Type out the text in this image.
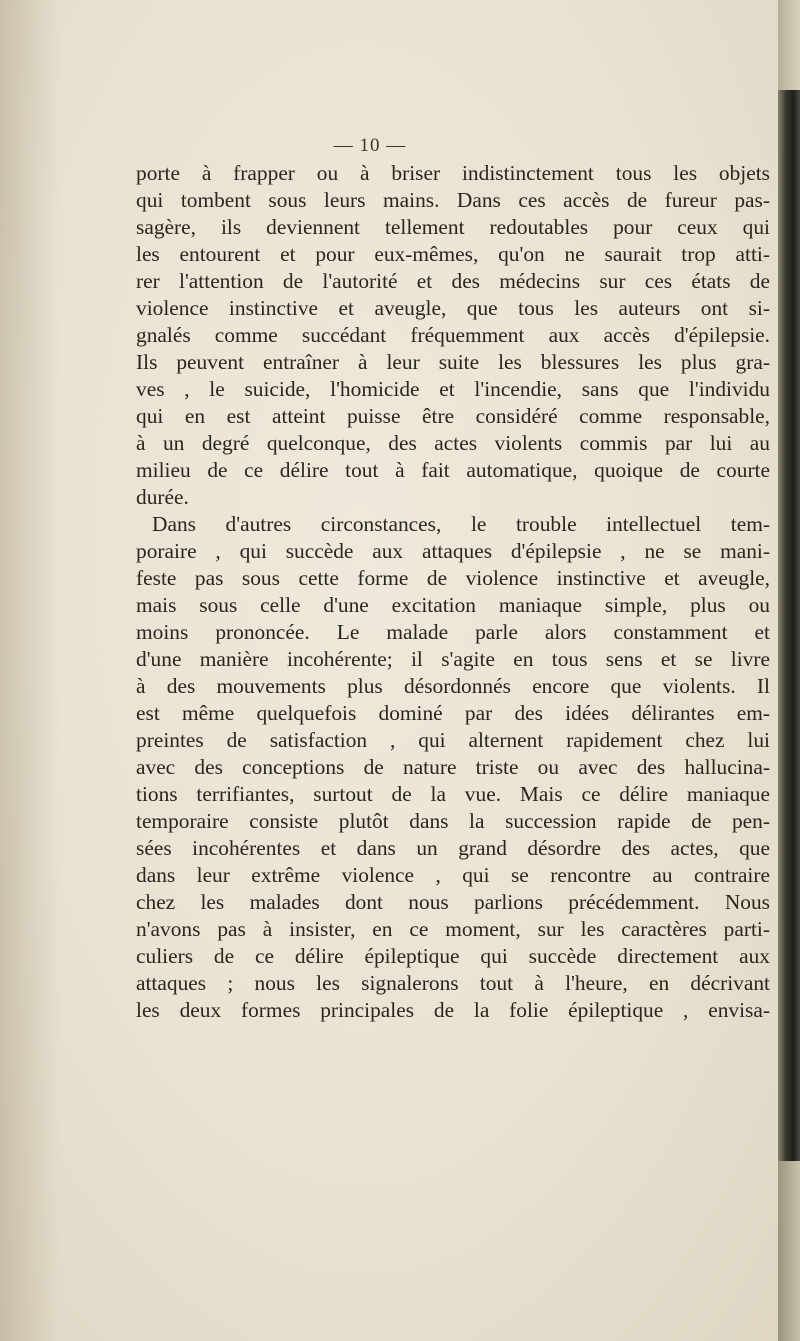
— 10 —
porte à frapper ou à briser indistinctement tous les objets
qui tombent sous leurs mains. Dans ces accès de fureur pas-
sagère, ils deviennent tellement redoutables pour ceux qui
les entourent et pour eux-mêmes, qu'on ne saurait trop atti-
rer l'attention de l'autorité et des médecins sur ces états de
violence instinctive et aveugle, que tous les auteurs ont si-
gnalés comme succédant fréquemment aux accès d'épilepsie.
Ils peuvent entraîner à leur suite les blessures les plus gra-
ves , le suicide, l'homicide et l'incendie, sans que l'individu
qui en est atteint puisse être considéré comme responsable,
à un degré quelconque, des actes violents commis par lui au
milieu de ce délire tout à fait automatique, quoique de courte
durée.
Dans d'autres circonstances, le trouble intellectuel tem-
poraire , qui succède aux attaques d'épilepsie , ne se mani-
feste pas sous cette forme de violence instinctive et aveugle,
mais sous celle d'une excitation maniaque simple, plus ou
moins prononcée. Le malade parle alors constamment et
d'une manière incohérente; il s'agite en tous sens et se livre
à des mouvements plus désordonnés encore que violents. Il
est même quelquefois dominé par des idées délirantes em-
preintes de satisfaction , qui alternent rapidement chez lui
avec des conceptions de nature triste ou avec des hallucina-
tions terrifiantes, surtout de la vue. Mais ce délire maniaque
temporaire consiste plutôt dans la succession rapide de pen-
sées incohérentes et dans un grand désordre des actes, que
dans leur extrême violence , qui se rencontre au contraire
chez les malades dont nous parlions précédemment. Nous
n'avons pas à insister, en ce moment, sur les caractères parti-
culiers de ce délire épileptique qui succède directement aux
attaques ; nous les signalerons tout à l'heure, en décrivant
les deux formes principales de la folie épileptique , envisa-
